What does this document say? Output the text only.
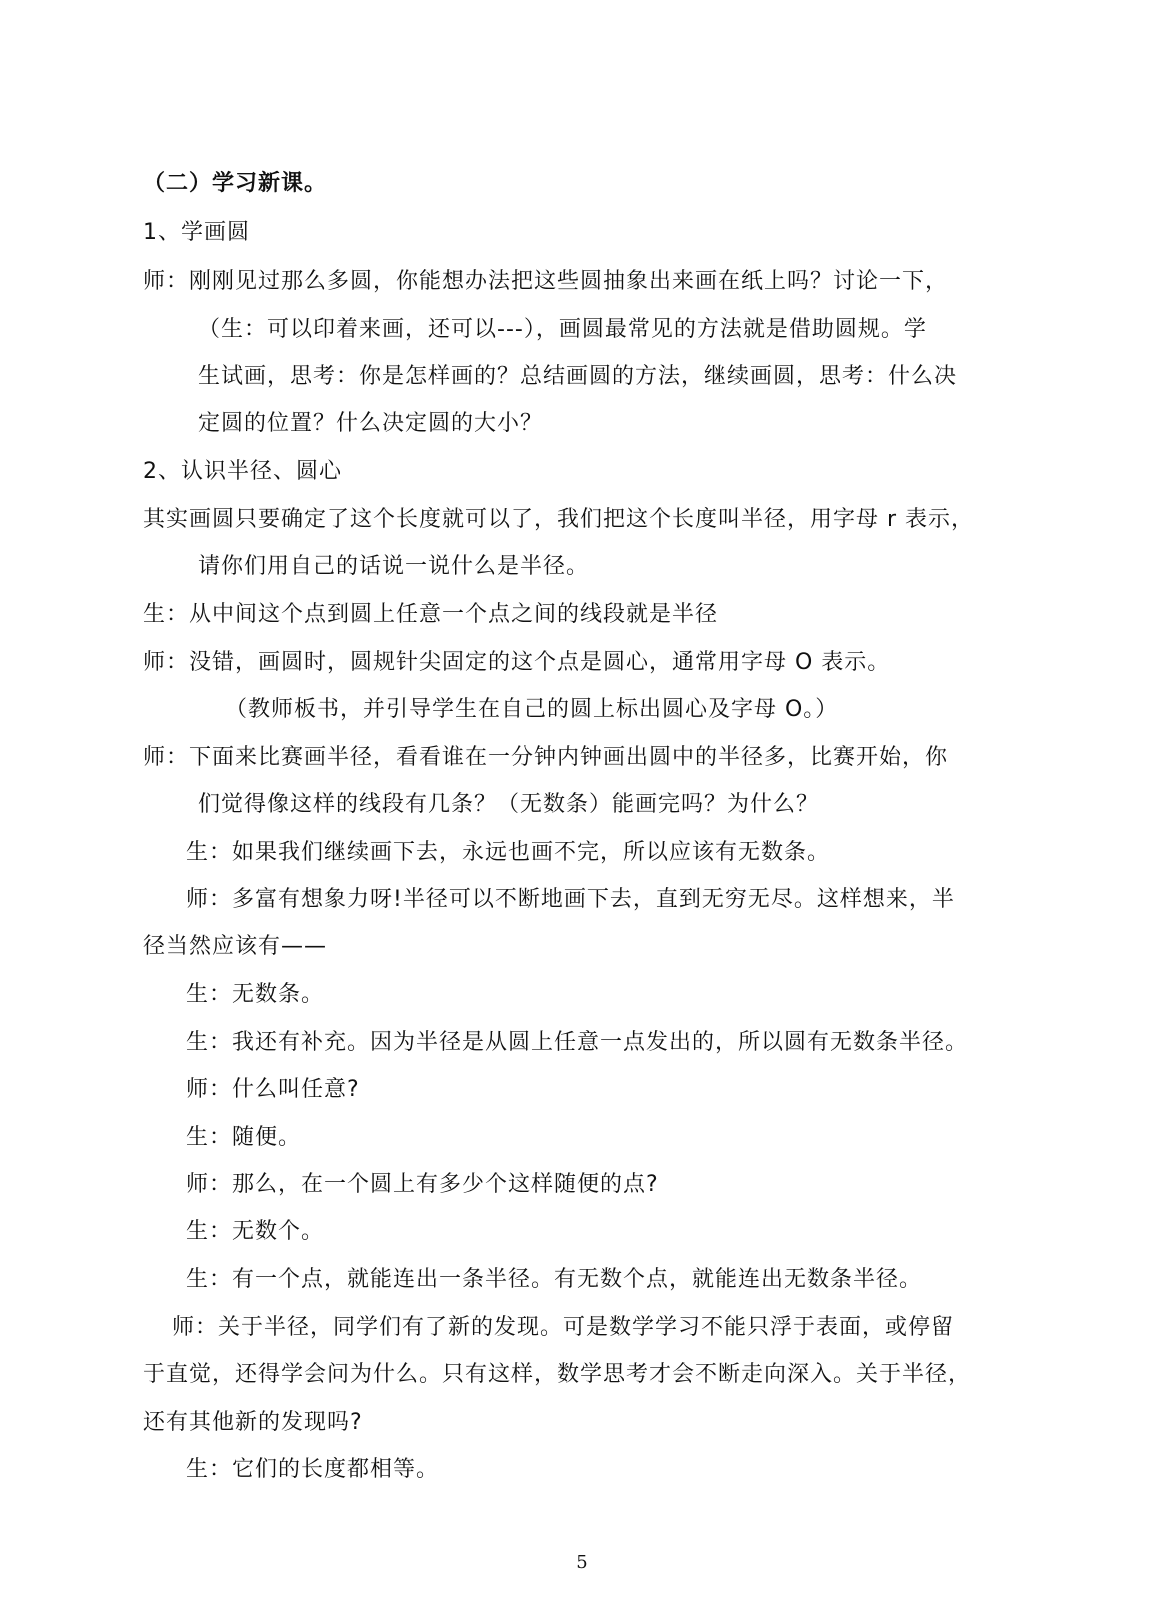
（二）学习新课。
1、学画圆
师：刚刚见过那么多圆，你能想办法把这些圆抽象出来画在纸上吗？讨论一下，
（生：可以印着来画，还可以---），画圆最常见的方法就是借助圆规。学
生试画，思考：你是怎样画的？总结画圆的方法，继续画圆，思考：什么决
定圆的位置？什么决定圆的大小？
2、认识半径、圆心
其实画圆只要确定了这个长度就可以了，我们把这个长度叫半径，用字母 r 表示，
请你们用自己的话说一说什么是半径。
生：从中间这个点到圆上任意一个点之间的线段就是半径
师：没错，画圆时，圆规针尖固定的这个点是圆心，通常用字母 O 表示。
（教师板书，并引导学生在自己的圆上标出圆心及字母 O。）
师：下面来比赛画半径，看看谁在一分钟内钟画出圆中的半径多，比赛开始，你
们觉得像这样的线段有几条？（无数条）能画完吗？为什么？
生：如果我们继续画下去，永远也画不完，所以应该有无数条。
师：多富有想象力呀!半径可以不断地画下去，直到无穷无尽。这样想来，半
径当然应该有——
生：无数条。
生：我还有补充。因为半径是从圆上任意一点发出的，所以圆有无数条半径。
师：什么叫任意?
生：随便。
师：那么，在一个圆上有多少个这样随便的点?
生：无数个。
生：有一个点，就能连出一条半径。有无数个点，就能连出无数条半径。
师：关于半径，同学们有了新的发现。可是数学学习不能只浮于表面，或停留
于直觉，还得学会问为什么。只有这样，数学思考才会不断走向深入。关于半径，
还有其他新的发现吗?
生：它们的长度都相等。
5
